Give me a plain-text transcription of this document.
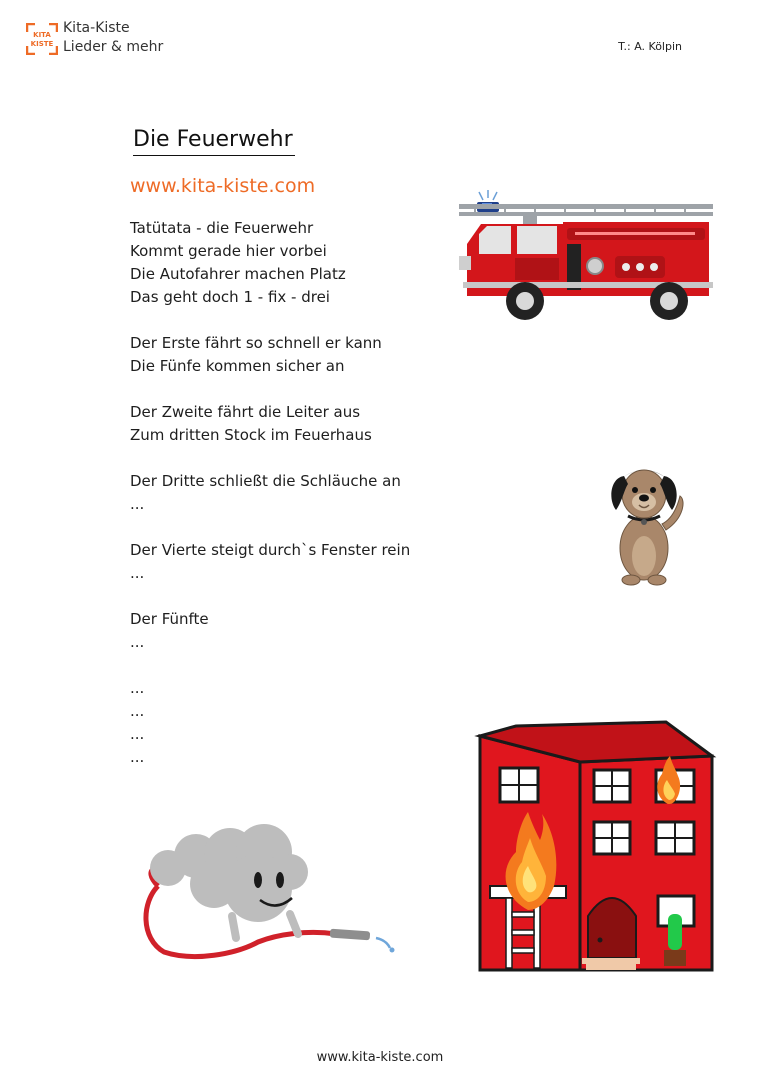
KITA
KISTE
Kita-Kiste
Lieder & mehr	T.: A. Kölpin
Die Feuerwehr
www.kita-kiste.com
Tatütata - die Feuerwehr
Kommt gerade hier vorbei
Die Autofahrer machen Platz
Das geht doch 1 - fix - drei
Der Erste fährt so schnell er kann
Die Fünfe kommen sicher an
Der Zweite fährt die Leiter aus
Zum dritten Stock im Feuerhaus
Der Dritte schließt die Schläuche an
...
Der Vierte steigt durch`s Fenster rein
...
Der Fünfte
...
...
...
...
...
www.kita-kiste.com
